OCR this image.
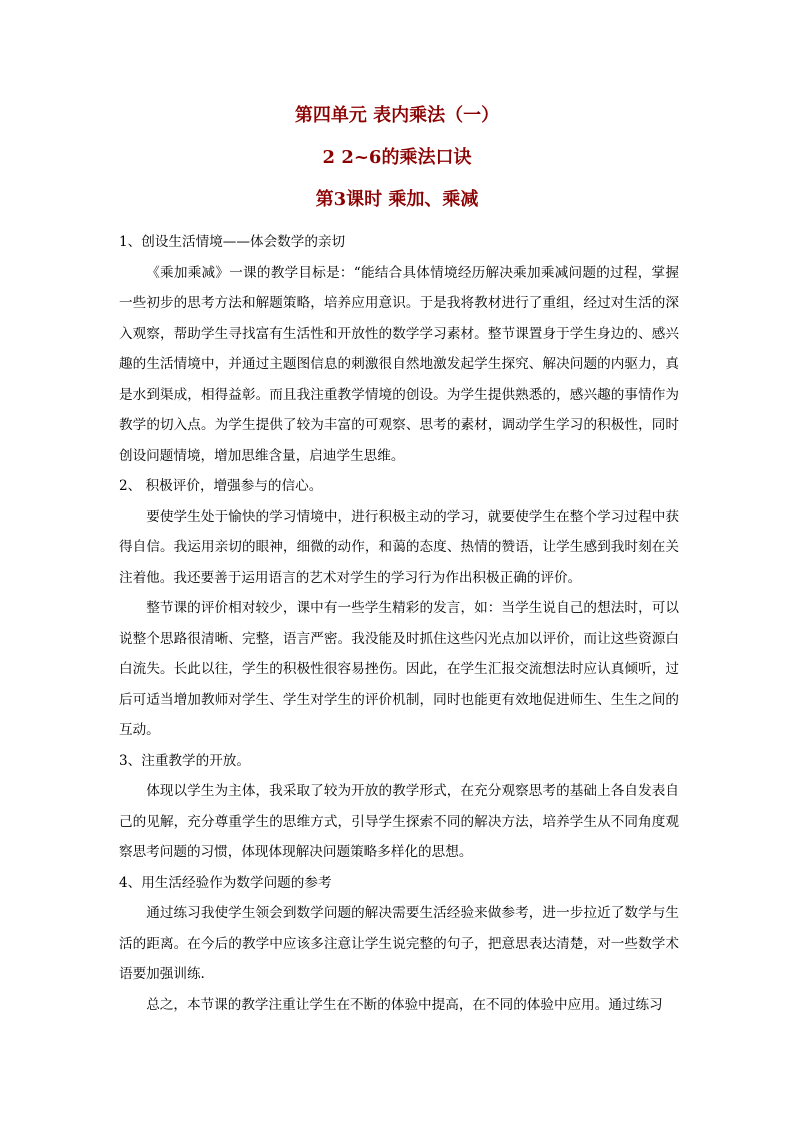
第四单元 表内乘法（一）
2 2~6的乘法口诀
第3课时 乘加、乘减

1、创设生活情境——体会数学的亲切

《乘加乘减》一课的教学目标是：“能结合具体情境经历解决乘加乘减问题的过程，掌握一些初步的思考方法和解题策略，培养应用意识。于是我将教材进行了重组，经过对生活的深入观察，帮助学生寻找富有生活性和开放性的数学学习素材。整节课置身于学生身边的、感兴趣的生活情境中，并通过主题图信息的刺激很自然地激发起学生探究、解决问题的内驱力，真是水到渠成，相得益彰。而且我注重教学情境的创设。为学生提供熟悉的，感兴趣的事情作为教学的切入点。为学生提供了较为丰富的可观察、思考的素材，调动学生学习的积极性，同时创设问题情境，增加思维含量，启迪学生思维。

2、 积极评价，增强参与的信心。

要使学生处于愉快的学习情境中，进行积极主动的学习，就要使学生在整个学习过程中获得自信。我运用亲切的眼神，细微的动作，和蔼的态度、热情的赞语，让学生感到我时刻在关注着他。我还要善于运用语言的艺术对学生的学习行为作出积极正确的评价。

整节课的评价相对较少，课中有一些学生精彩的发言，如：当学生说自己的想法时，可以说整个思路很清晰、完整，语言严密。我没能及时抓住这些闪光点加以评价，而让这些资源白白流失。长此以往，学生的积极性很容易挫伤。因此，在学生汇报交流想法时应认真倾听，过后可适当增加教师对学生、学生对学生的评价机制，同时也能更有效地促进师生、生生之间的互动。

3、注重教学的开放。

体现以学生为主体，我采取了较为开放的教学形式，在充分观察思考的基础上各自发表自己的见解，充分尊重学生的思维方式，引导学生探索不同的解决方法，培养学生从不同角度观察思考问题的习惯，体现体现解决问题策略多样化的思想。

4、用生活经验作为数学问题的参考

通过练习我使学生领会到数学问题的解决需要生活经验来做参考，进一步拉近了数学与生活的距离。在今后的教学中应该多注意让学生说完整的句子，把意思表达清楚，对一些数学术语要加强训练.

总之，本节课的教学注重让学生在不断的体验中提高，在不同的体验中应用。通过练习
